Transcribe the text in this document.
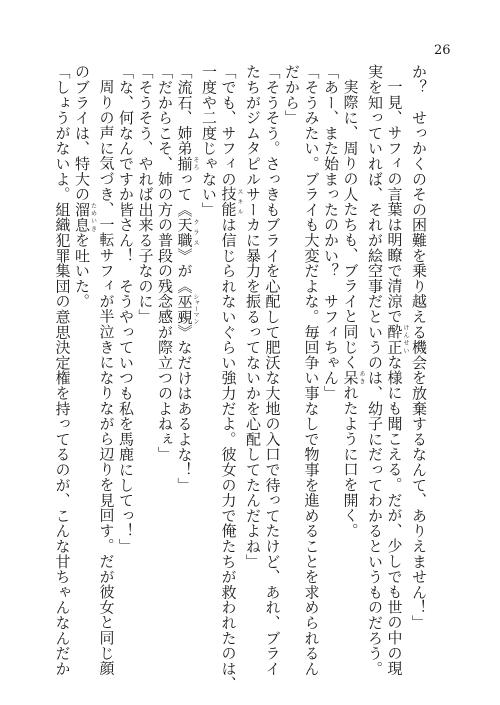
26

か？　せっかくのその困難を乗り越える機会を放棄するなんて、ありえません！」

一見、サフィの言葉は明瞭で清涼で酔正けんせいな様にも聞こえる。だが、少しでも世の中の現

実を知っていれば、それが絵空事だというのは、幼子にだってわかるというものだろう。

実際に、周りの人たちも、ブライと同じく呆あきれたように口を開く。

「あー、また始まったのかい？　サフィちゃん」

「そうみたい。ブライも大変だよな。毎回争い事なしで物事を進めることを求められるん

だから」

「そうそう。さっきもブライを心配して肥沃な大地の入口で待ってたけど、あれ、ブライ

たちがジムタピルサーカに暴力を振るってないかを心配してたんだよね」

「でも、サフィの技能スキルは信じられないぐらい強力だよ。彼女の力で俺たちが救われたのは、

一度や二度じゃない」

「流石、姉弟揃そろって《天職クラス》が《巫覡シャーマン》なだけはあるよな！」

「だからこそ、姉の方の普段の残念感が際立つのよねぇ」

「そうそう、やれば出来る子なのに」

「な、何なんですか皆さん！　そうやっていつも私を馬鹿にしてっ！」

周りの声に気づき、一転サフィが半泣きになりながら辺りを見回す。だが彼女と同じ顔

のブライは、特大の溜息ためいきを吐いた。

「しょうがないよ。組織犯罪集団の意思決定権を持ってるのが、こんな甘ちゃんなんだか
